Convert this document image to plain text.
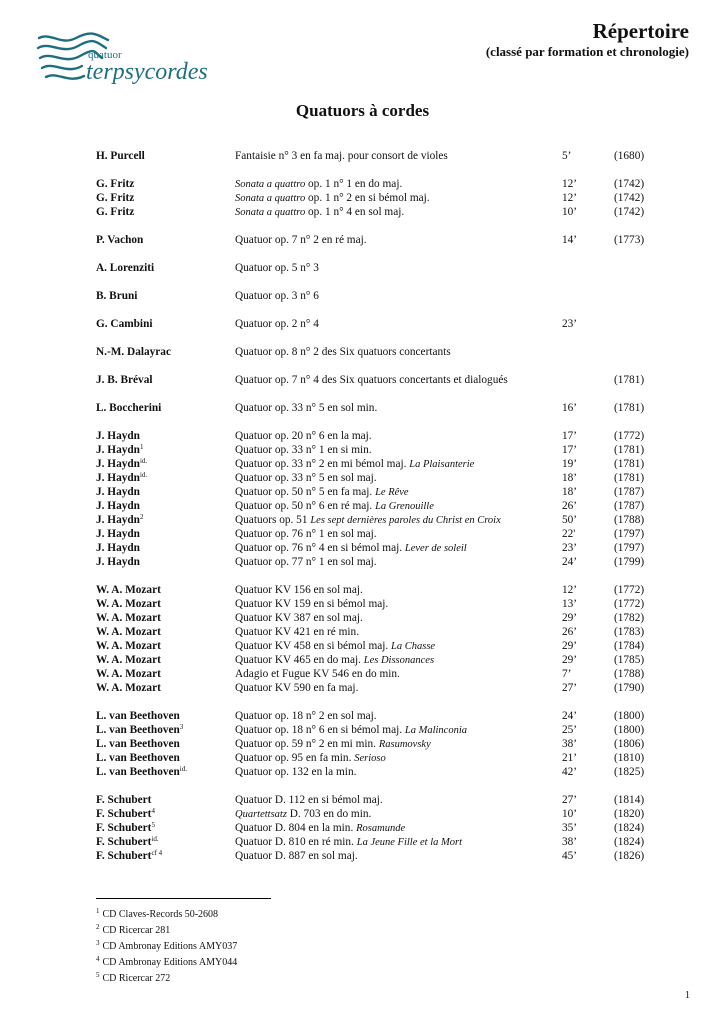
quatuor
terpsycordes
Répertoire
(classé par formation et chronologie)
Quatuors à cordes
H. Purcell	Fantaisie n° 3 en fa maj. pour consort de violes	5’	(1680)
G. Fritz	Sonata a quattro op. 1 n° 1 en do maj.	12’	(1742)
G. Fritz	Sonata a quattro op. 1 n° 2 en si bémol maj.	12’	(1742)
G. Fritz	Sonata a quattro op. 1 n° 4 en sol maj.	10’	(1742)
P. Vachon	Quatuor op. 7 n° 2 en ré maj.	14’	(1773)
A. Lorenziti	Quatuor op. 5 n° 3
B. Bruni	Quatuor op. 3 n° 6
G. Cambini	Quatuor op. 2 n° 4	23’
N.-M. Dalayrac	Quatuor op. 8 n° 2 des Six quatuors concertants
J. B. Bréval	Quatuor op. 7 n° 4 des Six quatuors concertants et dialogués	(1781)
L. Boccherini	Quatuor op. 33 n° 5 en sol min.	16’	(1781)
J. Haydn	Quatuor op. 20 n° 6 en la maj.	17’	(1772)
J. Haydn$^1$	Quatuor op. 33 n° 1 en si min.	17’	(1781)
J. Haydn$^{id.}$	Quatuor op. 33 n° 2 en mi bémol maj. La Plaisanterie	19’	(1781)
J. Haydn$^{id.}$	Quatuor op. 33 n° 5 en sol maj.	18’	(1781)
J. Haydn	Quatuor op. 50 n° 5 en fa maj. Le Rêve	18’	(1787)
J. Haydn	Quatuor op. 50 n° 6 en ré maj. La Grenouille	26’	(1787)
J. Haydn$^2$	Quatuors op. 51 Les sept dernières paroles du Christ en Croix	50’	(1788)
J. Haydn	Quatuor op. 76 n° 1 en sol maj.	22'	(1797)
J. Haydn	Quatuor op. 76 n° 4 en si bémol maj. Lever de soleil	23’	(1797)
J. Haydn	Quatuor op. 77 n° 1 en sol maj.	24’	(1799)
W. A. Mozart	Quatuor KV 156 en sol maj.	12’	(1772)
W. A. Mozart	Quatuor KV 159 en si bémol maj.	13’	(1772)
W. A. Mozart	Quatuor KV 387 en sol maj.	29’	(1782)
W. A. Mozart	Quatuor KV 421 en ré min.	26’	(1783)
W. A. Mozart	Quatuor KV 458 en si bémol maj. La Chasse	29’	(1784)
W. A. Mozart	Quatuor KV 465 en do maj. Les Dissonances	29’	(1785)
W. A. Mozart	Adagio et Fugue KV 546 en do min.	7’	(1788)
W. A. Mozart	Quatuor KV 590 en fa maj.	27’	(1790)
L. van Beethoven	Quatuor op. 18 n° 2 en sol maj.	24’	(1800)
L. van Beethoven$^3$	Quatuor op. 18 n° 6 en si bémol maj. La Malinconia	25’	(1800)
L. van Beethoven	Quatuor op. 59 n° 2 en mi min. Rasumovsky	38’	(1806)
L. van Beethoven	Quatuor op. 95 en fa min. Serioso	21’	(1810)
L. van Beethoven$^{id.}$	Quatuor op. 132 en la min.	42’	(1825)
F. Schubert	Quatuor D. 112 en si bémol maj.	27’	(1814)
F. Schubert$^4$	Quartettsatz D. 703 en do min.	10’	(1820)
F. Schubert$^5$	Quatuor D. 804 en la min. Rosamunde	35’	(1824)
F. Schubert$^{id.}$	Quatuor D. 810 en ré min. La Jeune Fille et la Mort	38’	(1824)
F. Schubert$^{cf 4}$	Quatuor D. 887 en sol maj.	45’	(1826)
$^1$ CD Claves-Records 50-2608
$^2$ CD Ricercar 281
$^3$ CD Ambronay Editions AMY037
$^4$ CD Ambronay Editions AMY044
$^5$ CD Ricercar 272
1
